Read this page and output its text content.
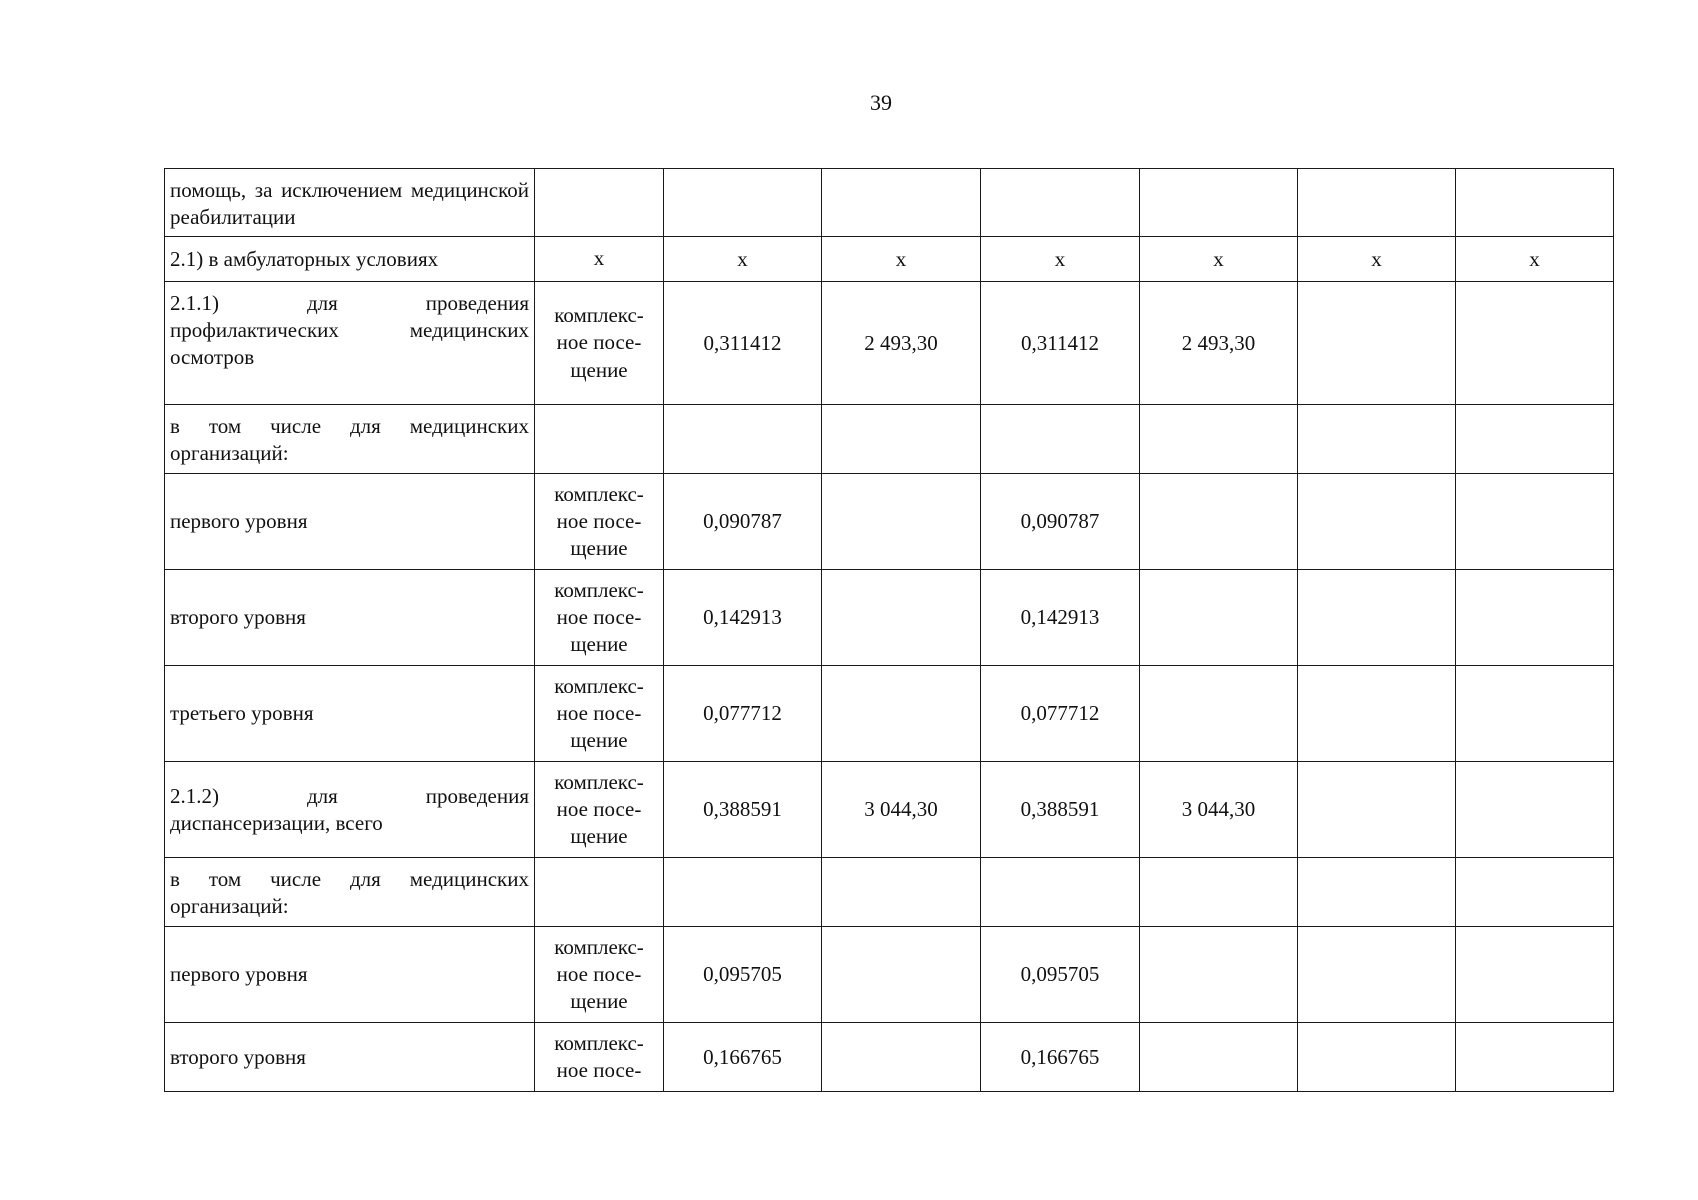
39
помощь, за исключением медицинской реабилитации							
2.1) в амбулаторных условиях	х	х	х	х	х	х	х
2.1.1) для проведения профилактических медицинских осмотров	комплекс-ное посе-щение	0,311412	2 493,30	0,311412	2 493,30		
в том числе для медицинских организаций:							
первого уровня	комплекс-ное посе-щение	0,090787		0,090787			
второго уровня	комплекс-ное посе-щение	0,142913		0,142913			
третьего уровня	комплекс-ное посе-щение	0,077712		0,077712			
2.1.2) для проведения диспансеризации, всего	комплекс-ное посе-щение	0,388591	3 044,30	0,388591	3 044,30		
в том числе для медицинских организаций:							
первого уровня	комплекс-ное посе-щение	0,095705		0,095705			
второго уровня	комплекс-ное посе-	0,166765		0,166765			
